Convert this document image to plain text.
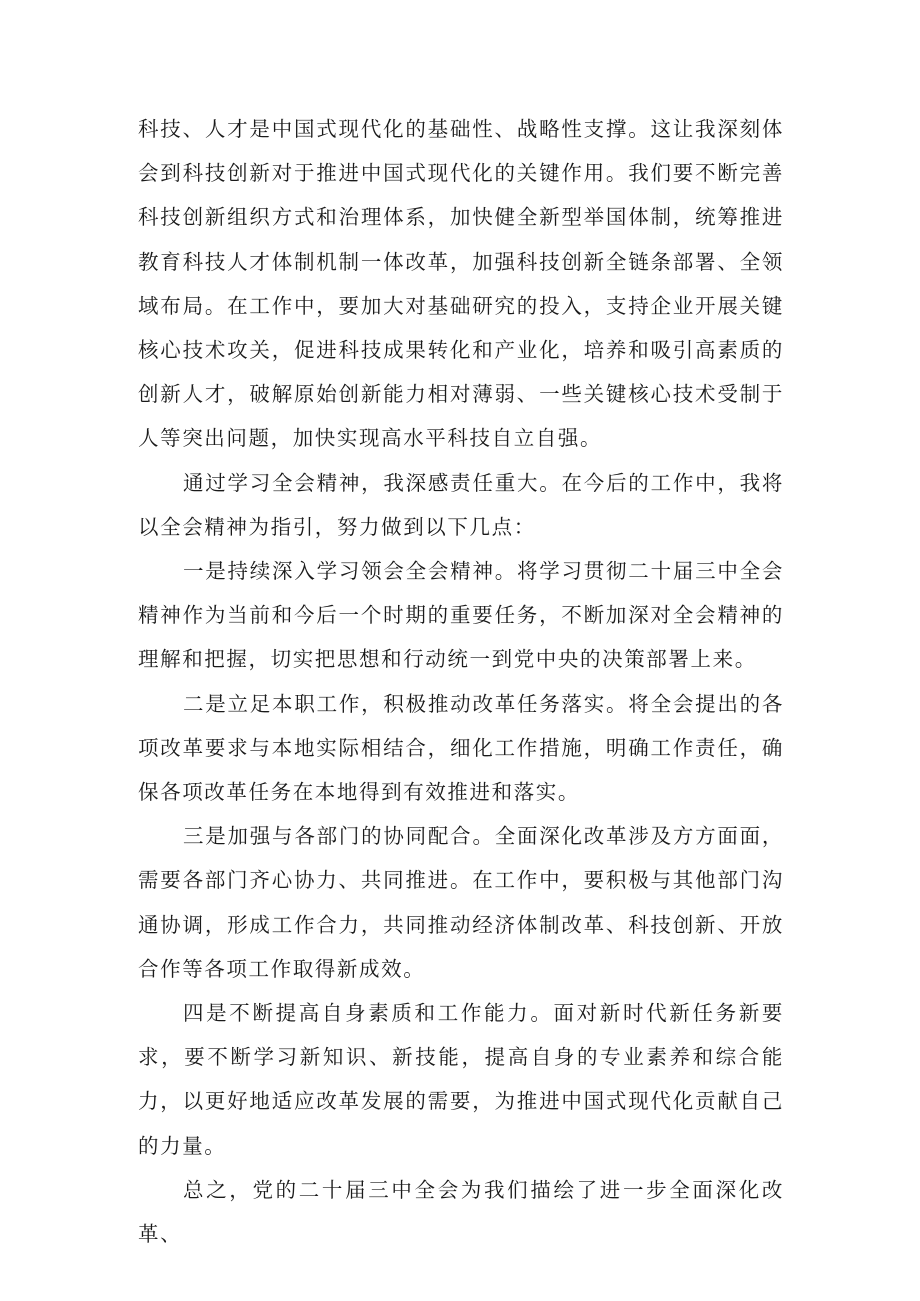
科技、人才是中国式现代化的基础性、战略性支撑。这让我深刻体会到科技创新对于推进中国式现代化的关键作用。我们要不断完善科技创新组织方式和治理体系，加快健全新型举国体制，统筹推进教育科技人才体制机制一体改革，加强科技创新全链条部署、全领域布局。在工作中，要加大对基础研究的投入，支持企业开展关键核心技术攻关，促进科技成果转化和产业化，培养和吸引高素质的创新人才，破解原始创新能力相对薄弱、一些关键核心技术受制于人等突出问题，加快实现高水平科技自立自强。

通过学习全会精神，我深感责任重大。在今后的工作中，我将以全会精神为指引，努力做到以下几点：

一是持续深入学习领会全会精神。将学习贯彻二十届三中全会精神作为当前和今后一个时期的重要任务，不断加深对全会精神的理解和把握，切实把思想和行动统一到党中央的决策部署上来。

二是立足本职工作，积极推动改革任务落实。将全会提出的各项改革要求与本地实际相结合，细化工作措施，明确工作责任，确保各项改革任务在本地得到有效推进和落实。

三是加强与各部门的协同配合。全面深化改革涉及方方面面，需要各部门齐心协力、共同推进。在工作中，要积极与其他部门沟通协调，形成工作合力，共同推动经济体制改革、科技创新、开放合作等各项工作取得新成效。

四是不断提高自身素质和工作能力。面对新时代新任务新要求，要不断学习新知识、新技能，提高自身的专业素养和综合能力，以更好地适应改革发展的需要，为推进中国式现代化贡献自己的力量。

总之，党的二十届三中全会为我们描绘了进一步全面深化改革、
